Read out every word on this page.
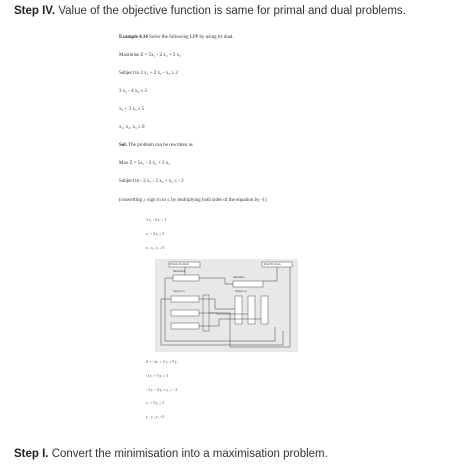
Step IV. Value of the objective function is same for primal and dual problems.
Example 4.14 Solve the following LPP by using its dual.
Maximise Z = 5x₁ - 2 x₂ + 3 x₃
Subject to 2 x₁ + 2 x₂ - x₃ ≥ 2
3 x₁ - 4 x₂ ≤ 3
x₂ + 3 x₃ ≤ 5
x₁, x₂, x₃ ≥ 0
Sol. The problem can be rewritten as
Max Z = 5x₁ - 2 x₂ + 3 x₃
Subject to - 2 x₁ - 2 x₂ + x₃ ≤ - 2
(converting ≥ sign in to ≤ by multiplying both sides of the equation by -1)
3 x₁ - 4 x₂ ≤ 3
x₂ + 3 x₃ ≤ 5
x₁, x₂, x₃ ≥ 0
Primal Problem	Dual Problem
Maximize
Minimize
Subject to	Subject to
Z = - 2y₁ + 3 y₂ + 5 y₃
-2 y₁ + 3 y₂ ≥ 5
- 2 y₁ - 4 y₂ + y₃ ≥ - 2
y₁ + 3 y₃ ≥ 3
y₁, y₂, y₃ ≥ 0
Step I. Convert the minimisation into a maximisation problem.
